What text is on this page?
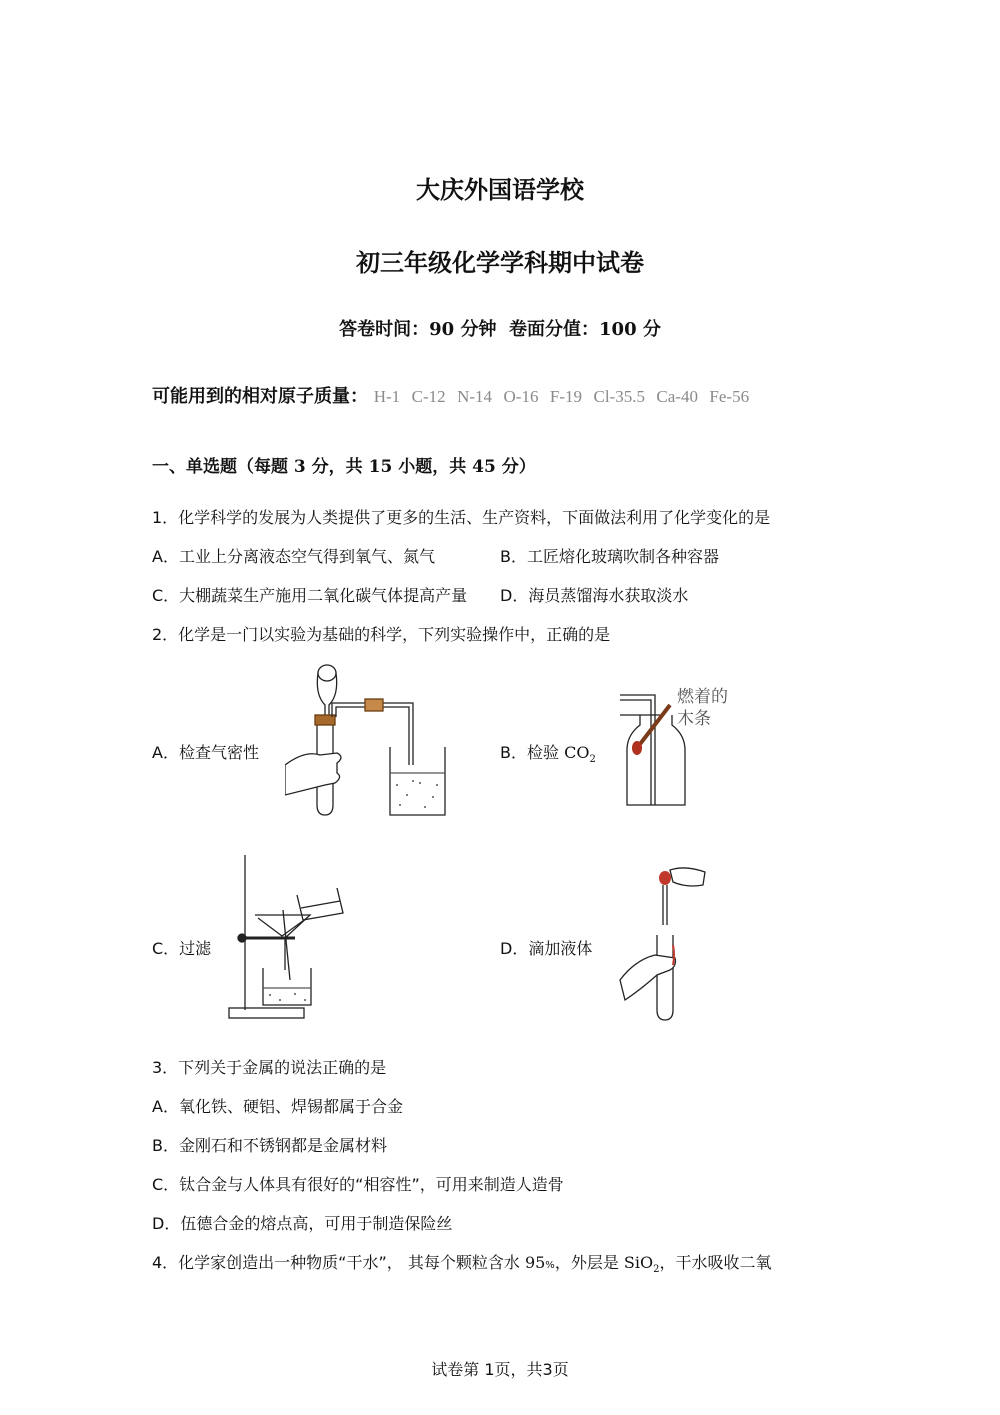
大庆外国语学校
初三年级化学学科期中试卷
答卷时间：90 分钟 卷面分值：100 分
可能用到的相对原子质量： H-1 C-12 N-14 O-16 F-19 Cl-35.5 Ca-40 Fe-56
一、单选题（每题 3 分，共 15 小题，共 45 分）
1．化学科学的发展为人类提供了更多的生活、生产资料，下面做法利用了化学变化的是
A．工业上分离液态空气得到氧气、氮气	B．工匠熔化玻璃吹制各种容器
C．大棚蔬菜生产施用二氧化碳气体提高产量 D．海员蒸馏海水获取淡水
2．化学是一门以实验为基础的科学，下列实验操作中，正确的是
A．检查气密性	B．检验 $CO_2$
C．过滤	D．滴加液体
燃着的
木条
3．下列关于金属的说法正确的是
A．氧化铁、硬铝、焊锡都属于合金
B．金刚石和不锈钢都是金属材料
C．钛合金与人体具有很好的“相容性”，可用来制造人造骨
D．伍德合金的熔点高，可用于制造保险丝
4．化学家创造出一种物质“干水”， 其每个颗粒含水 95%，外层是 SiO$_2$，干水吸收二氧
试卷第 1页，共3页
